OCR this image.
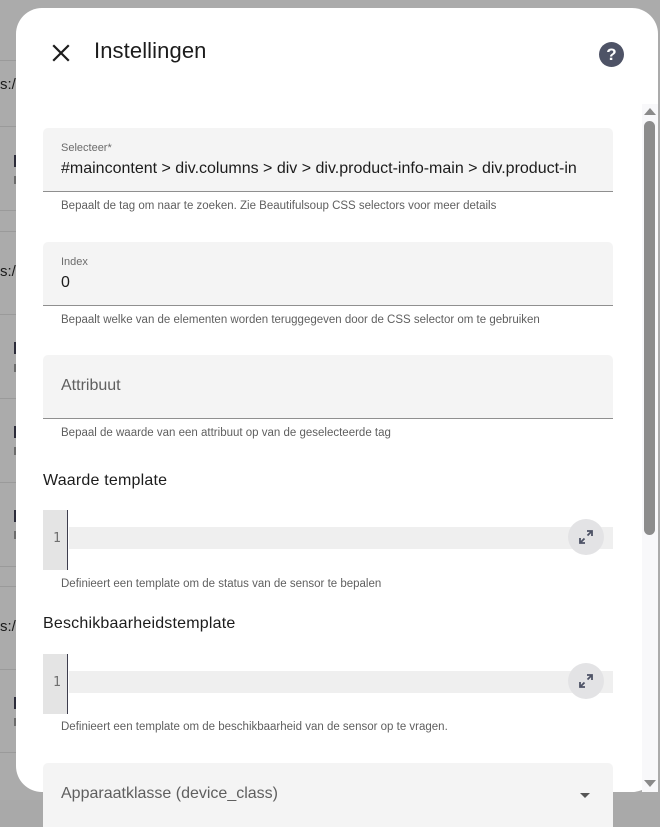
s:/
s:/
s:/
Instellingen	?
Selecteer*
#maincontent > div.columns > div > div.product-info-main > div.product-in
Bepaalt de tag om naar te zoeken. Zie Beautifulsoup CSS selectors voor meer details
Index
0
Bepaalt welke van de elementen worden teruggegeven door de CSS selector om te gebruiken
Attribuut
Bepaal de waarde van een attribuut op van de geselecteerde tag
Waarde template
1
Definieert een template om de status van de sensor te bepalen
Beschikbaarheidstemplate
1
Definieert een template om de beschikbaarheid van de sensor op te vragen.
Apparaatklasse (device_class)
